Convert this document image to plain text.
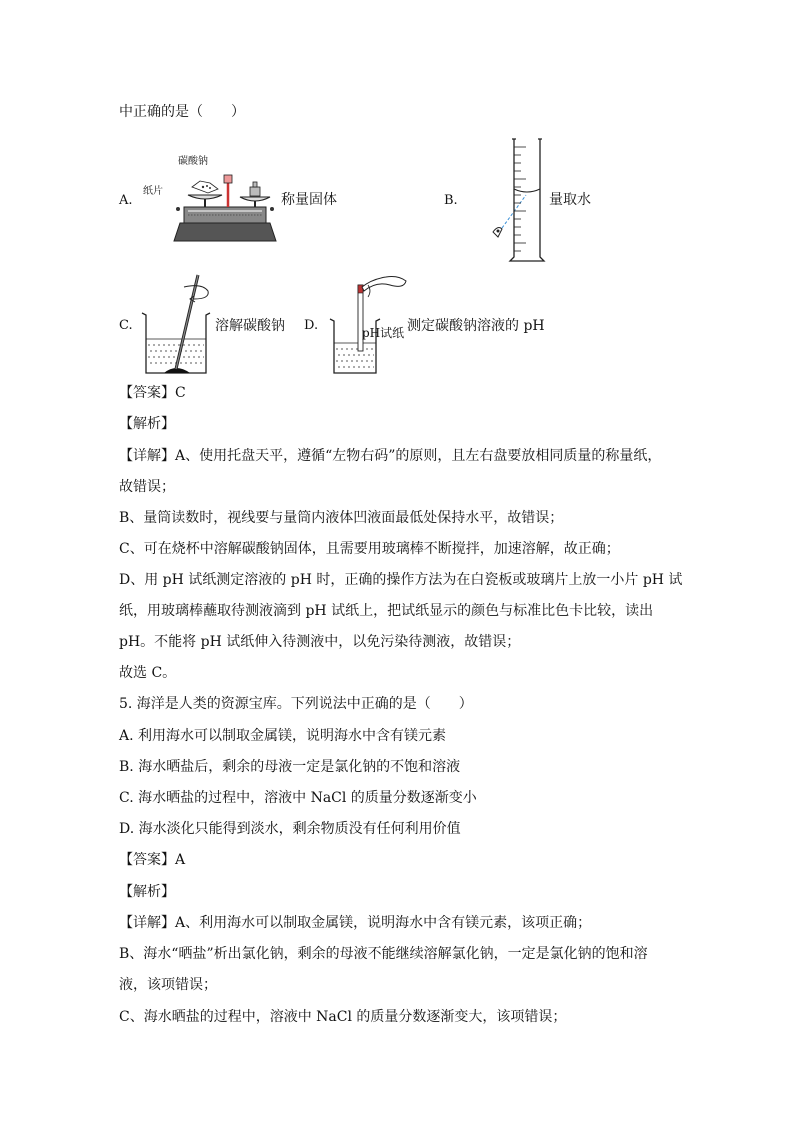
中正确的是（　　）
A.
碳酸钠
纸片
称量固体	B.	量取水
C.	溶解碳酸钠 D.	pH试纸 测定碳酸钠溶液的 pH
【答案】C
【解析】
【详解】A、使用托盘天平，遵循“左物右码”的原则，且左右盘要放相同质量的称量纸，
故错误；
B、量筒读数时，视线要与量筒内液体凹液面最低处保持水平，故错误；
C、可在烧杯中溶解碳酸钠固体，且需要用玻璃棒不断搅拌，加速溶解，故正确；
D、用 pH 试纸测定溶液的 pH 时，正确的操作方法为在白瓷板或玻璃片上放一小片 pH 试
纸，用玻璃棒蘸取待测液滴到 pH 试纸上，把试纸显示的颜色与标准比色卡比较，读出
pH。不能将 pH 试纸伸入待测液中，以免污染待测液，故错误；
故选 C。
5. 海洋是人类的资源宝库。下列说法中正确的是（　　）
A. 利用海水可以制取金属镁，说明海水中含有镁元素
B. 海水晒盐后，剩余的母液一定是氯化钠的不饱和溶液
C. 海水晒盐的过程中，溶液中 NaCl 的质量分数逐渐变小
D. 海水淡化只能得到淡水，剩余物质没有任何利用价值
【答案】A
【解析】
【详解】A、利用海水可以制取金属镁，说明海水中含有镁元素，该项正确；
B、海水“晒盐”析出氯化钠，剩余的母液不能继续溶解氯化钠，一定是氯化钠的饱和溶
液，该项错误；
C、海水晒盐的过程中，溶液中 NaCl 的质量分数逐渐变大，该项错误；
